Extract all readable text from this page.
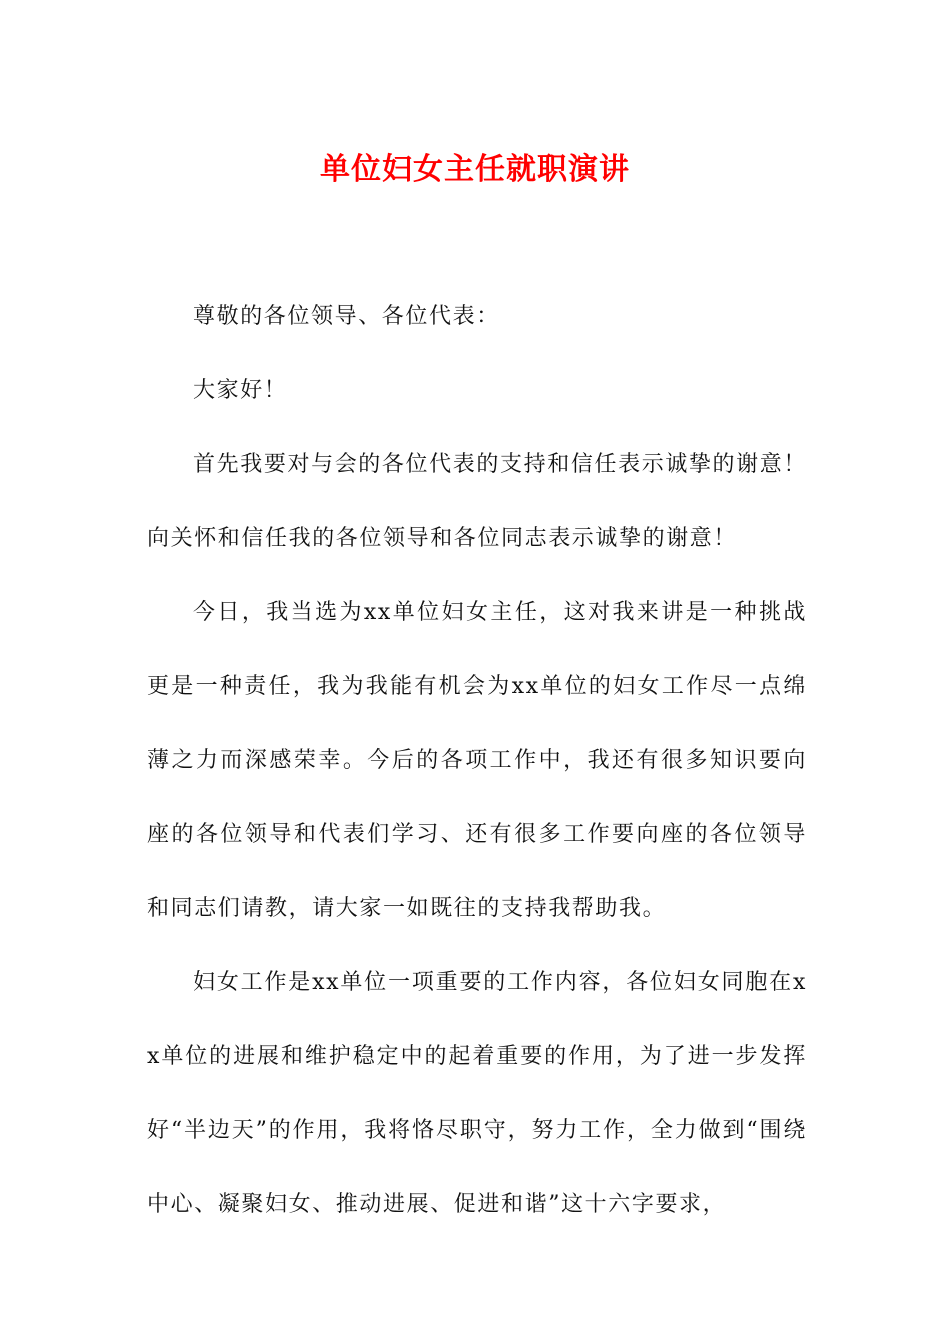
单位妇女主任就职演讲

尊敬的各位领导、各位代表：

大家好！

首先我要对与会的各位代表的支持和信任表示诚挚的谢意！向关怀和信任我的各位领导和各位同志表示诚挚的谢意！

今日，我当选为xx单位妇女主任，这对我来讲是一种挑战更是一种责任，我为我能有机会为xx单位的妇女工作尽一点绵薄之力而深感荣幸。今后的各项工作中，我还有很多知识要向座的各位领导和代表们学习、还有很多工作要向座的各位领导和同志们请教，请大家一如既往的支持我帮助我。

妇女工作是xx单位一项重要的工作内容，各位妇女同胞在xx单位的进展和维护稳定中的起着重要的作用，为了进一步发挥好“半边天”的作用，我将恪尽职守，努力工作，全力做到“围绕中心、凝聚妇女、推动进展、促进和谐”这十六字要求，
